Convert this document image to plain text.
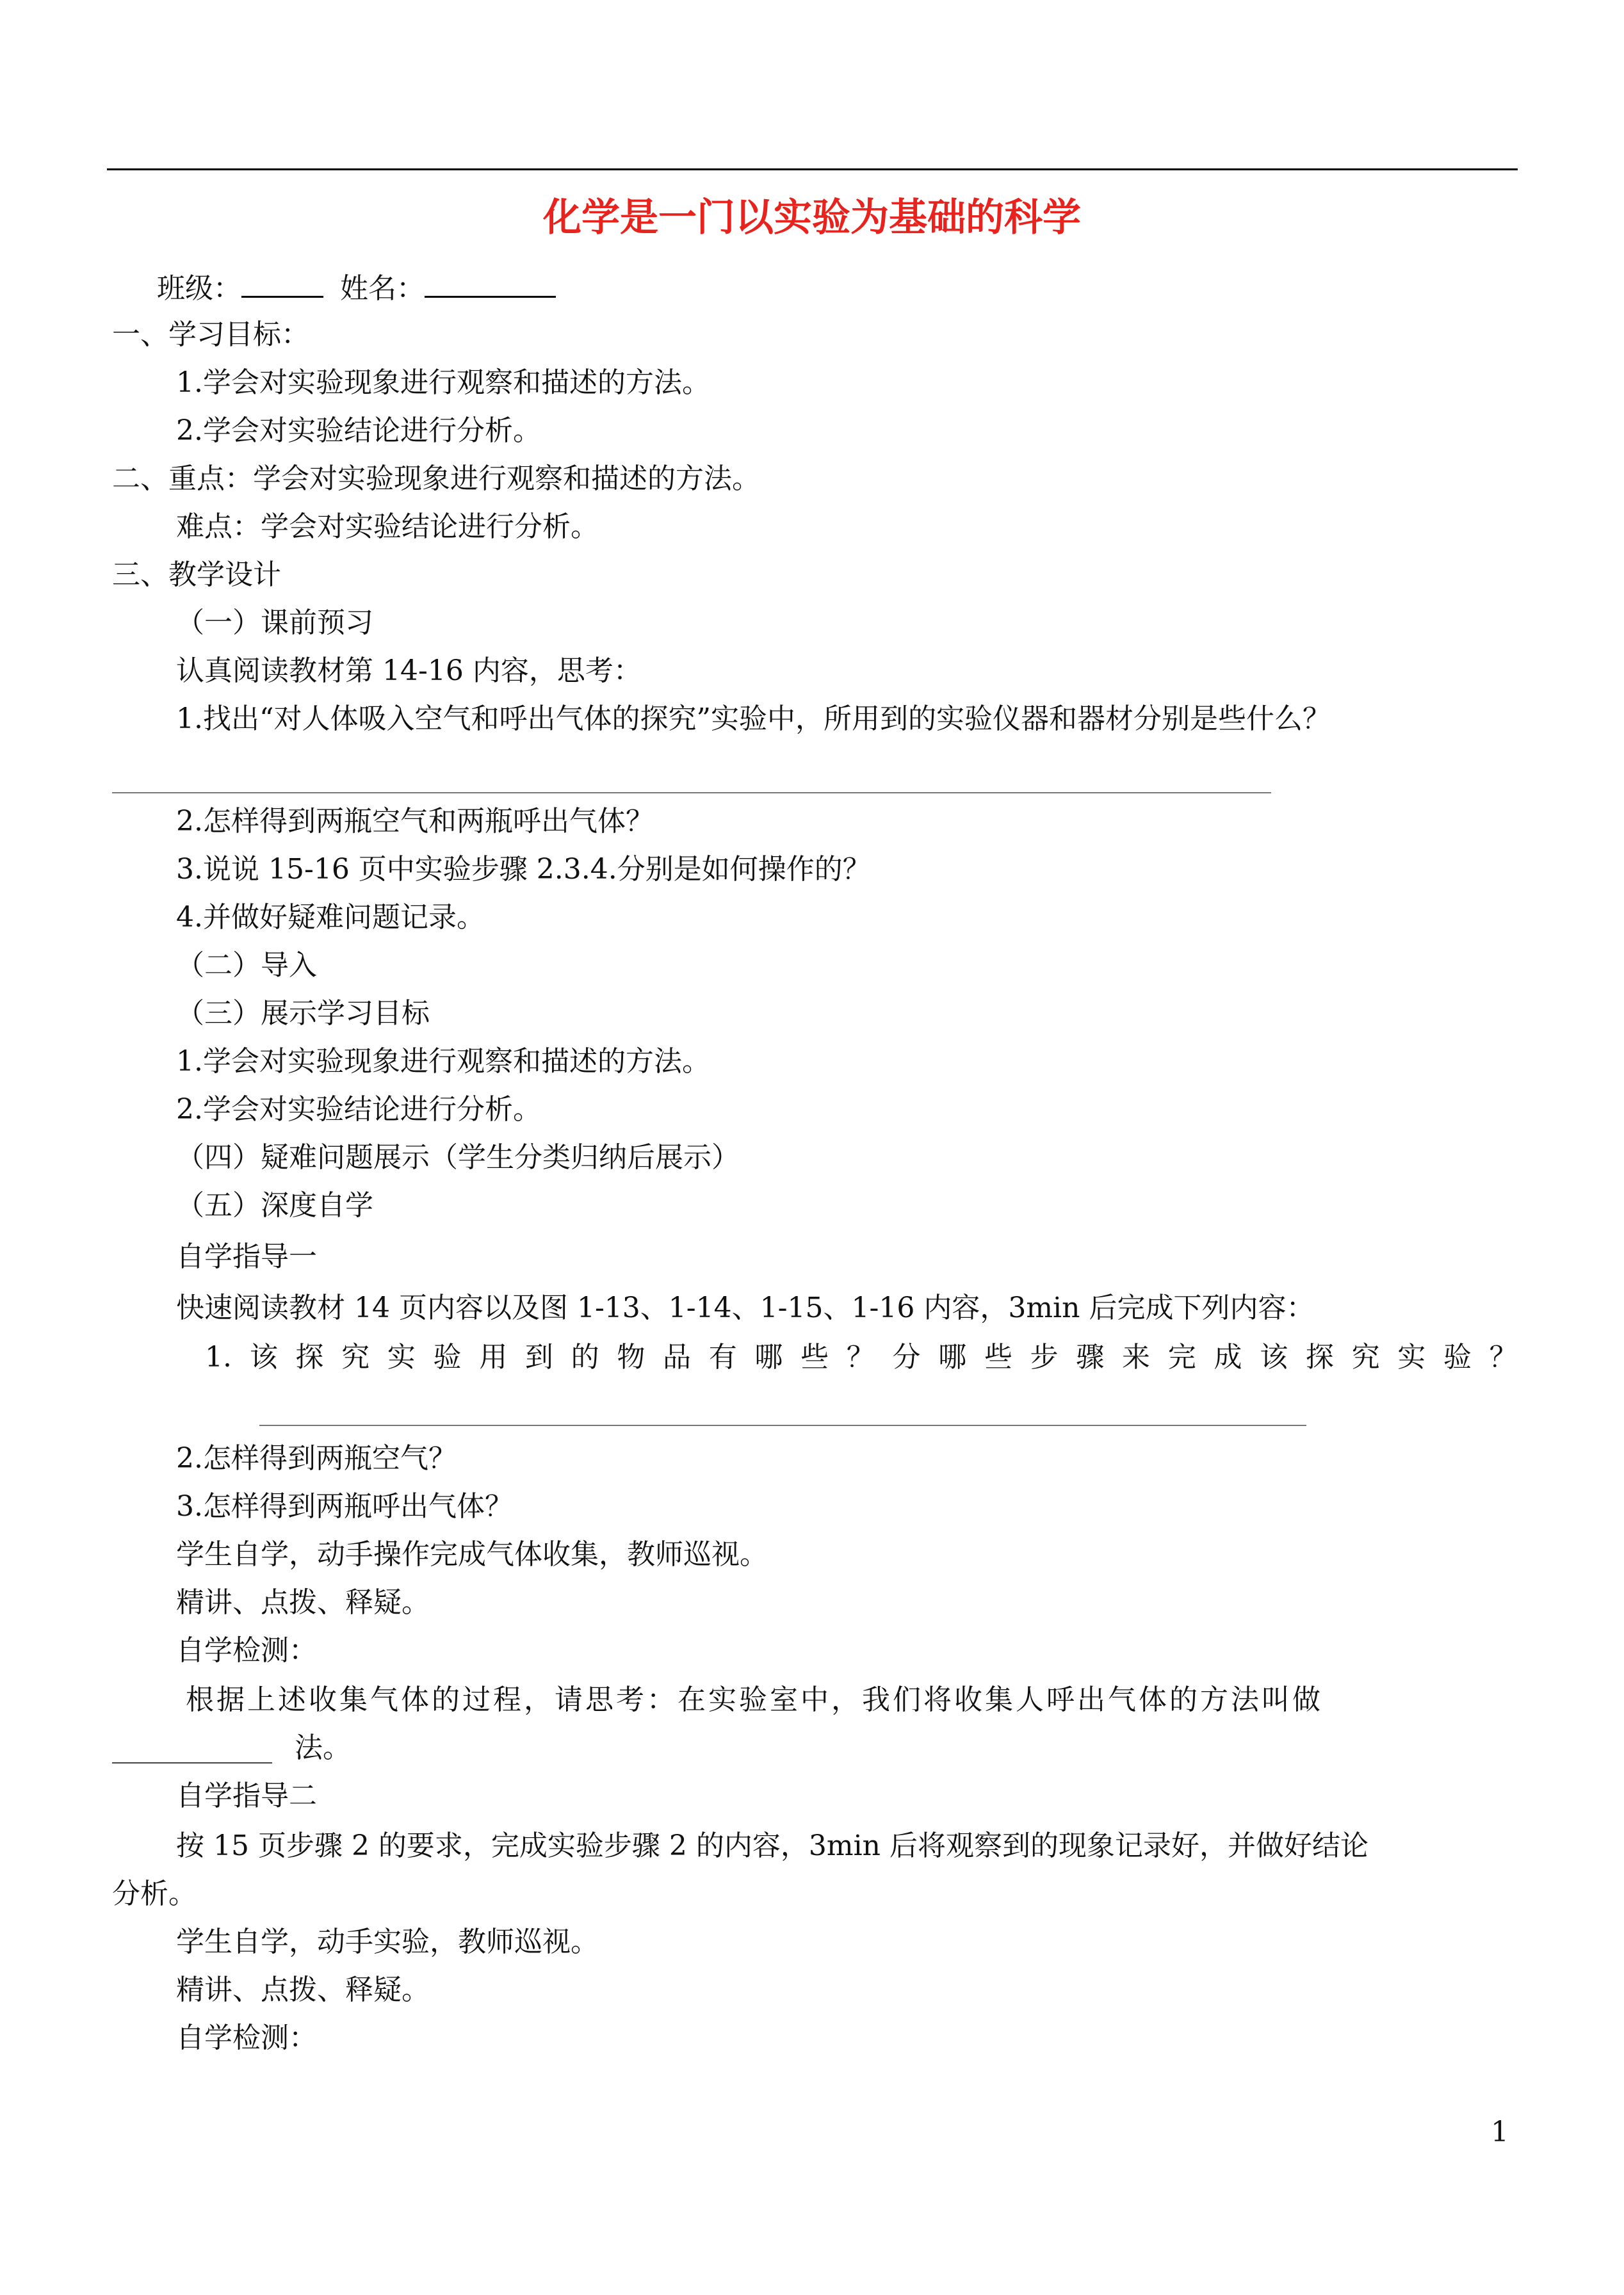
化学是一门以实验为基础的科学
班级：	姓名：
一、学习目标：
1.学会对实验现象进行观察和描述的方法。
2.学会对实验结论进行分析。
二、重点：学会对实验现象进行观察和描述的方法。
难点：学会对实验结论进行分析。
三、教学设计
（一）课前预习
认真阅读教材第 14-16 内容，思考：
1.找出“对人体吸入空气和呼出气体的探究”实验中，所用到的实验仪器和器材分别是些什么？
2.怎样得到两瓶空气和两瓶呼出气体？
3.说说 15-16 页中实验步骤 2.3.4.分别是如何操作的？
4.并做好疑难问题记录。
（二）导入
（三）展示学习目标
1.学会对实验现象进行观察和描述的方法。
2.学会对实验结论进行分析。
（四）疑难问题展示（学生分类归纳后展示）
（五）深度自学
自学指导一
快速阅读教材 14 页内容以及图 1-13、1-14、1-15、1-16 内容，3min 后完成下列内容：
1. 该 探 究 实 验 用 到 的 物 品 有 哪 些 ？ 分 哪 些 步 骤 来 完 成 该 探 究 实 验 ？
2.怎样得到两瓶空气？
3.怎样得到两瓶呼出气体？
学生自学，动手操作完成气体收集，教师巡视。
精讲、点拨、释疑。
自学检测：
根据上述收集气体的过程，请思考：在实验室中，我们将收集人呼出气体的方法叫做
法。
自学指导二
按 15 页步骤 2 的要求，完成实验步骤 2 的内容，3min 后将观察到的现象记录好，并做好结论
分析。
学生自学，动手实验，教师巡视。
精讲、点拨、释疑。
自学检测：
1
